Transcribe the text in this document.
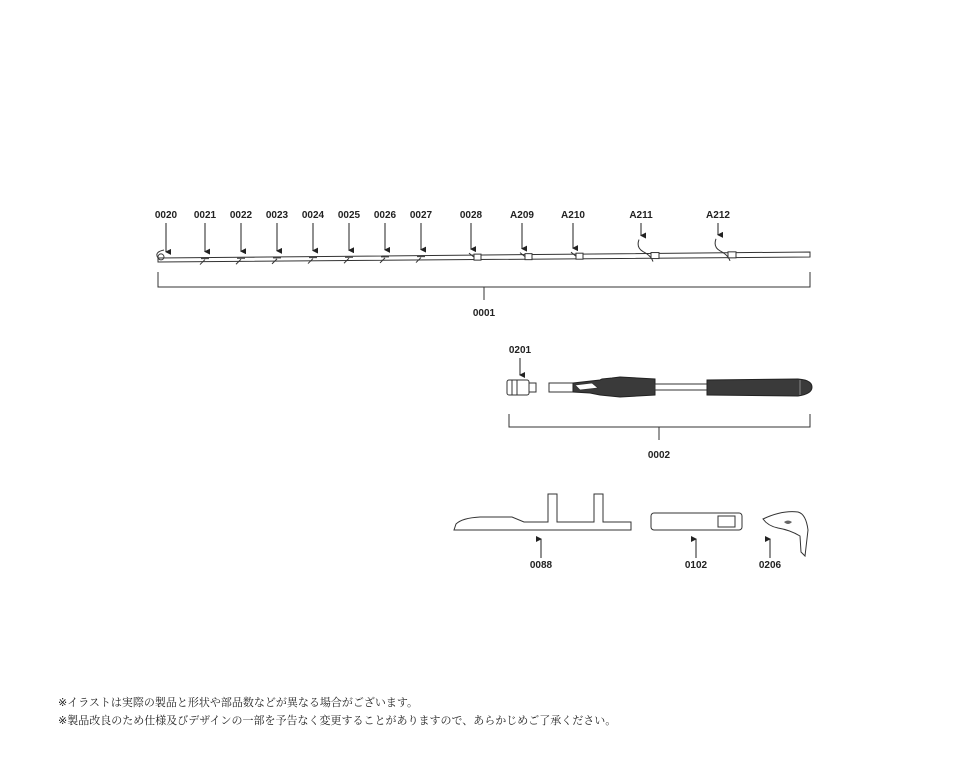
0020 0021 0022 0023 0024 0025 0026 0027	0028	A209	A210	A211	A212
0001
0201
0002
0088	0102	0206
※イラストは実際の製品と形状や部品数などが異なる場合がございます。
※製品改良のため仕様及びデザインの一部を予告なく変更することがありますので、あらかじめご了承ください。
